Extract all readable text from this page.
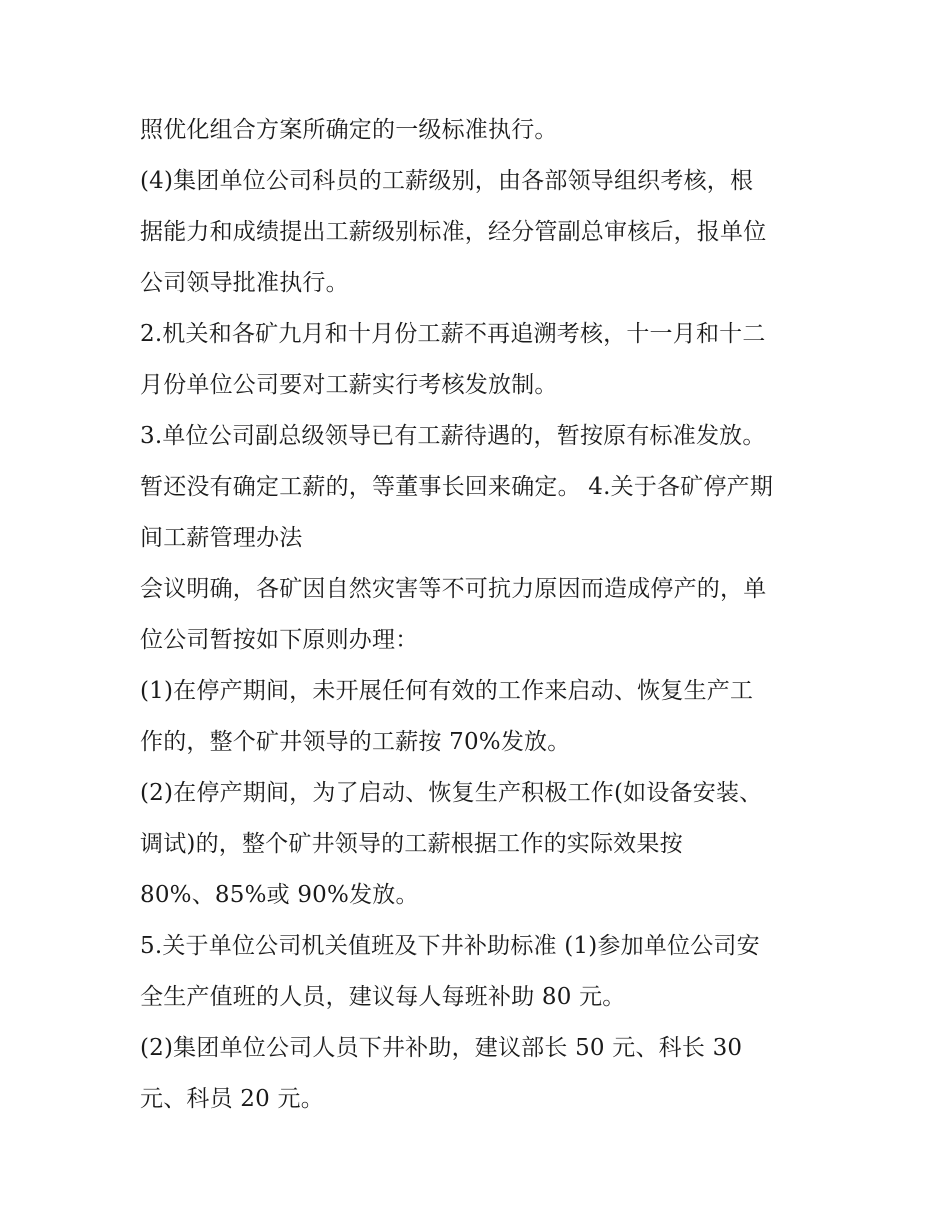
照优化组合方案所确定的一级标准执行。
(4)集团单位公司科员的工薪级别，由各部领导组织考核，根
据能力和成绩提出工薪级别标准，经分管副总审核后，报单位
公司领导批准执行。
2.机关和各矿九月和十月份工薪不再追溯考核，十一月和十二
月份单位公司要对工薪实行考核发放制。
3.单位公司副总级领导已有工薪待遇的，暂按原有标准发放。
暂还没有确定工薪的，等董事长回来确定。 4.关于各矿停产期
间工薪管理办法
会议明确，各矿因自然灾害等不可抗力原因而造成停产的，单
位公司暂按如下原则办理：
(1)在停产期间，未开展任何有效的工作来启动、恢复生产工
作的，整个矿井领导的工薪按 70%发放。
(2)在停产期间，为了启动、恢复生产积极工作(如设备安装、
调试)的，整个矿井领导的工薪根据工作的实际效果按
80%、85%或 90%发放。
5.关于单位公司机关值班及下井补助标准 (1)参加单位公司安
全生产值班的人员，建议每人每班补助 80 元。
(2)集团单位公司人员下井补助，建议部长 50 元、科长 30
元、科员 20 元。
